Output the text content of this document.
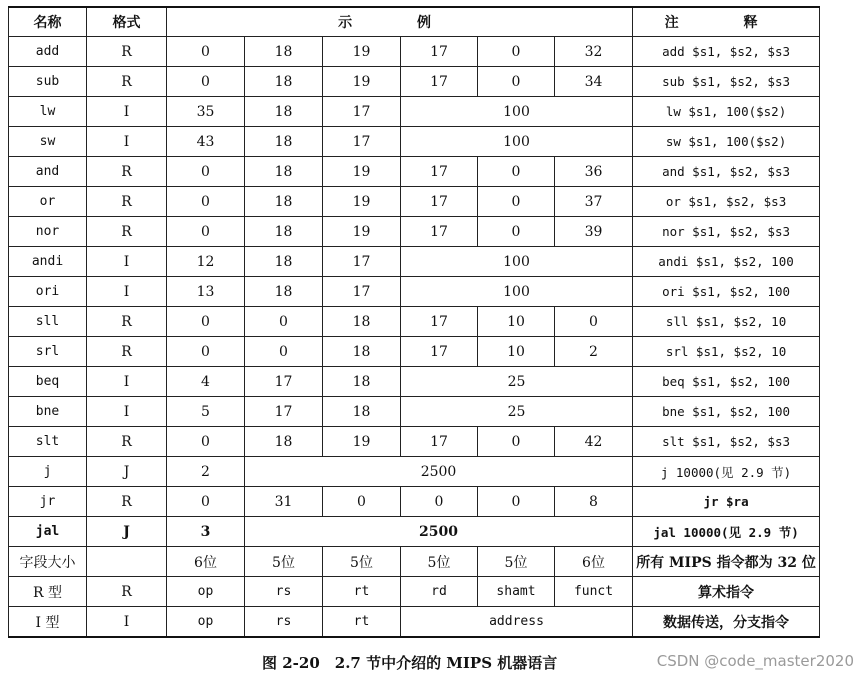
名称	格式	示 例						注 释
add	R	0	18	19	17	0	32	add $s1, $s2, $s3
sub	R	0	18	19	17	0	34	sub $s1, $s2, $s3
lw	I	35	18	17	100			lw $s1, 100($s2)
sw	I	43	18	17	100			sw $s1, 100($s2)
and	R	0	18	19	17	0	36	and $s1, $s2, $s3
or	R	0	18	19	17	0	37	or $s1, $s2, $s3
nor	R	0	18	19	17	0	39	nor $s1, $s2, $s3
andi	I	12	18	17	100			andi $s1, $s2, 100
ori	I	13	18	17	100			ori $s1, $s2, 100
sll	R	0	0	18	17	10	0	sll $s1, $s2, 10
srl	R	0	0	18	17	10	2	srl $s1, $s2, 10
beq	I	4	17	18	25			beq $s1, $s2, 100
bne	I	5	17	18	25			bne $s1, $s2, 100
slt	R	0	18	19	17	0	42	slt $s1, $s2, $s3
j	J	2	2500					j 10000(见 2.9 节)
jr	R	0	31	0	0	0	8	jr $ra
jal	J	3	2500					jal 10000(见 2.9 节)
字段大小		6位	5位	5位	5位	5位	6位	所有 MIPS 指令都为 32 位
R 型	R	op	rs	rt	rd	shamt	funct	算术指令
I 型	I	op	rs	rt	address			数据传送，分支指令
图 2-20　2.7 节中介绍的 MIPS 机器语言	CSDN @code_master2020
